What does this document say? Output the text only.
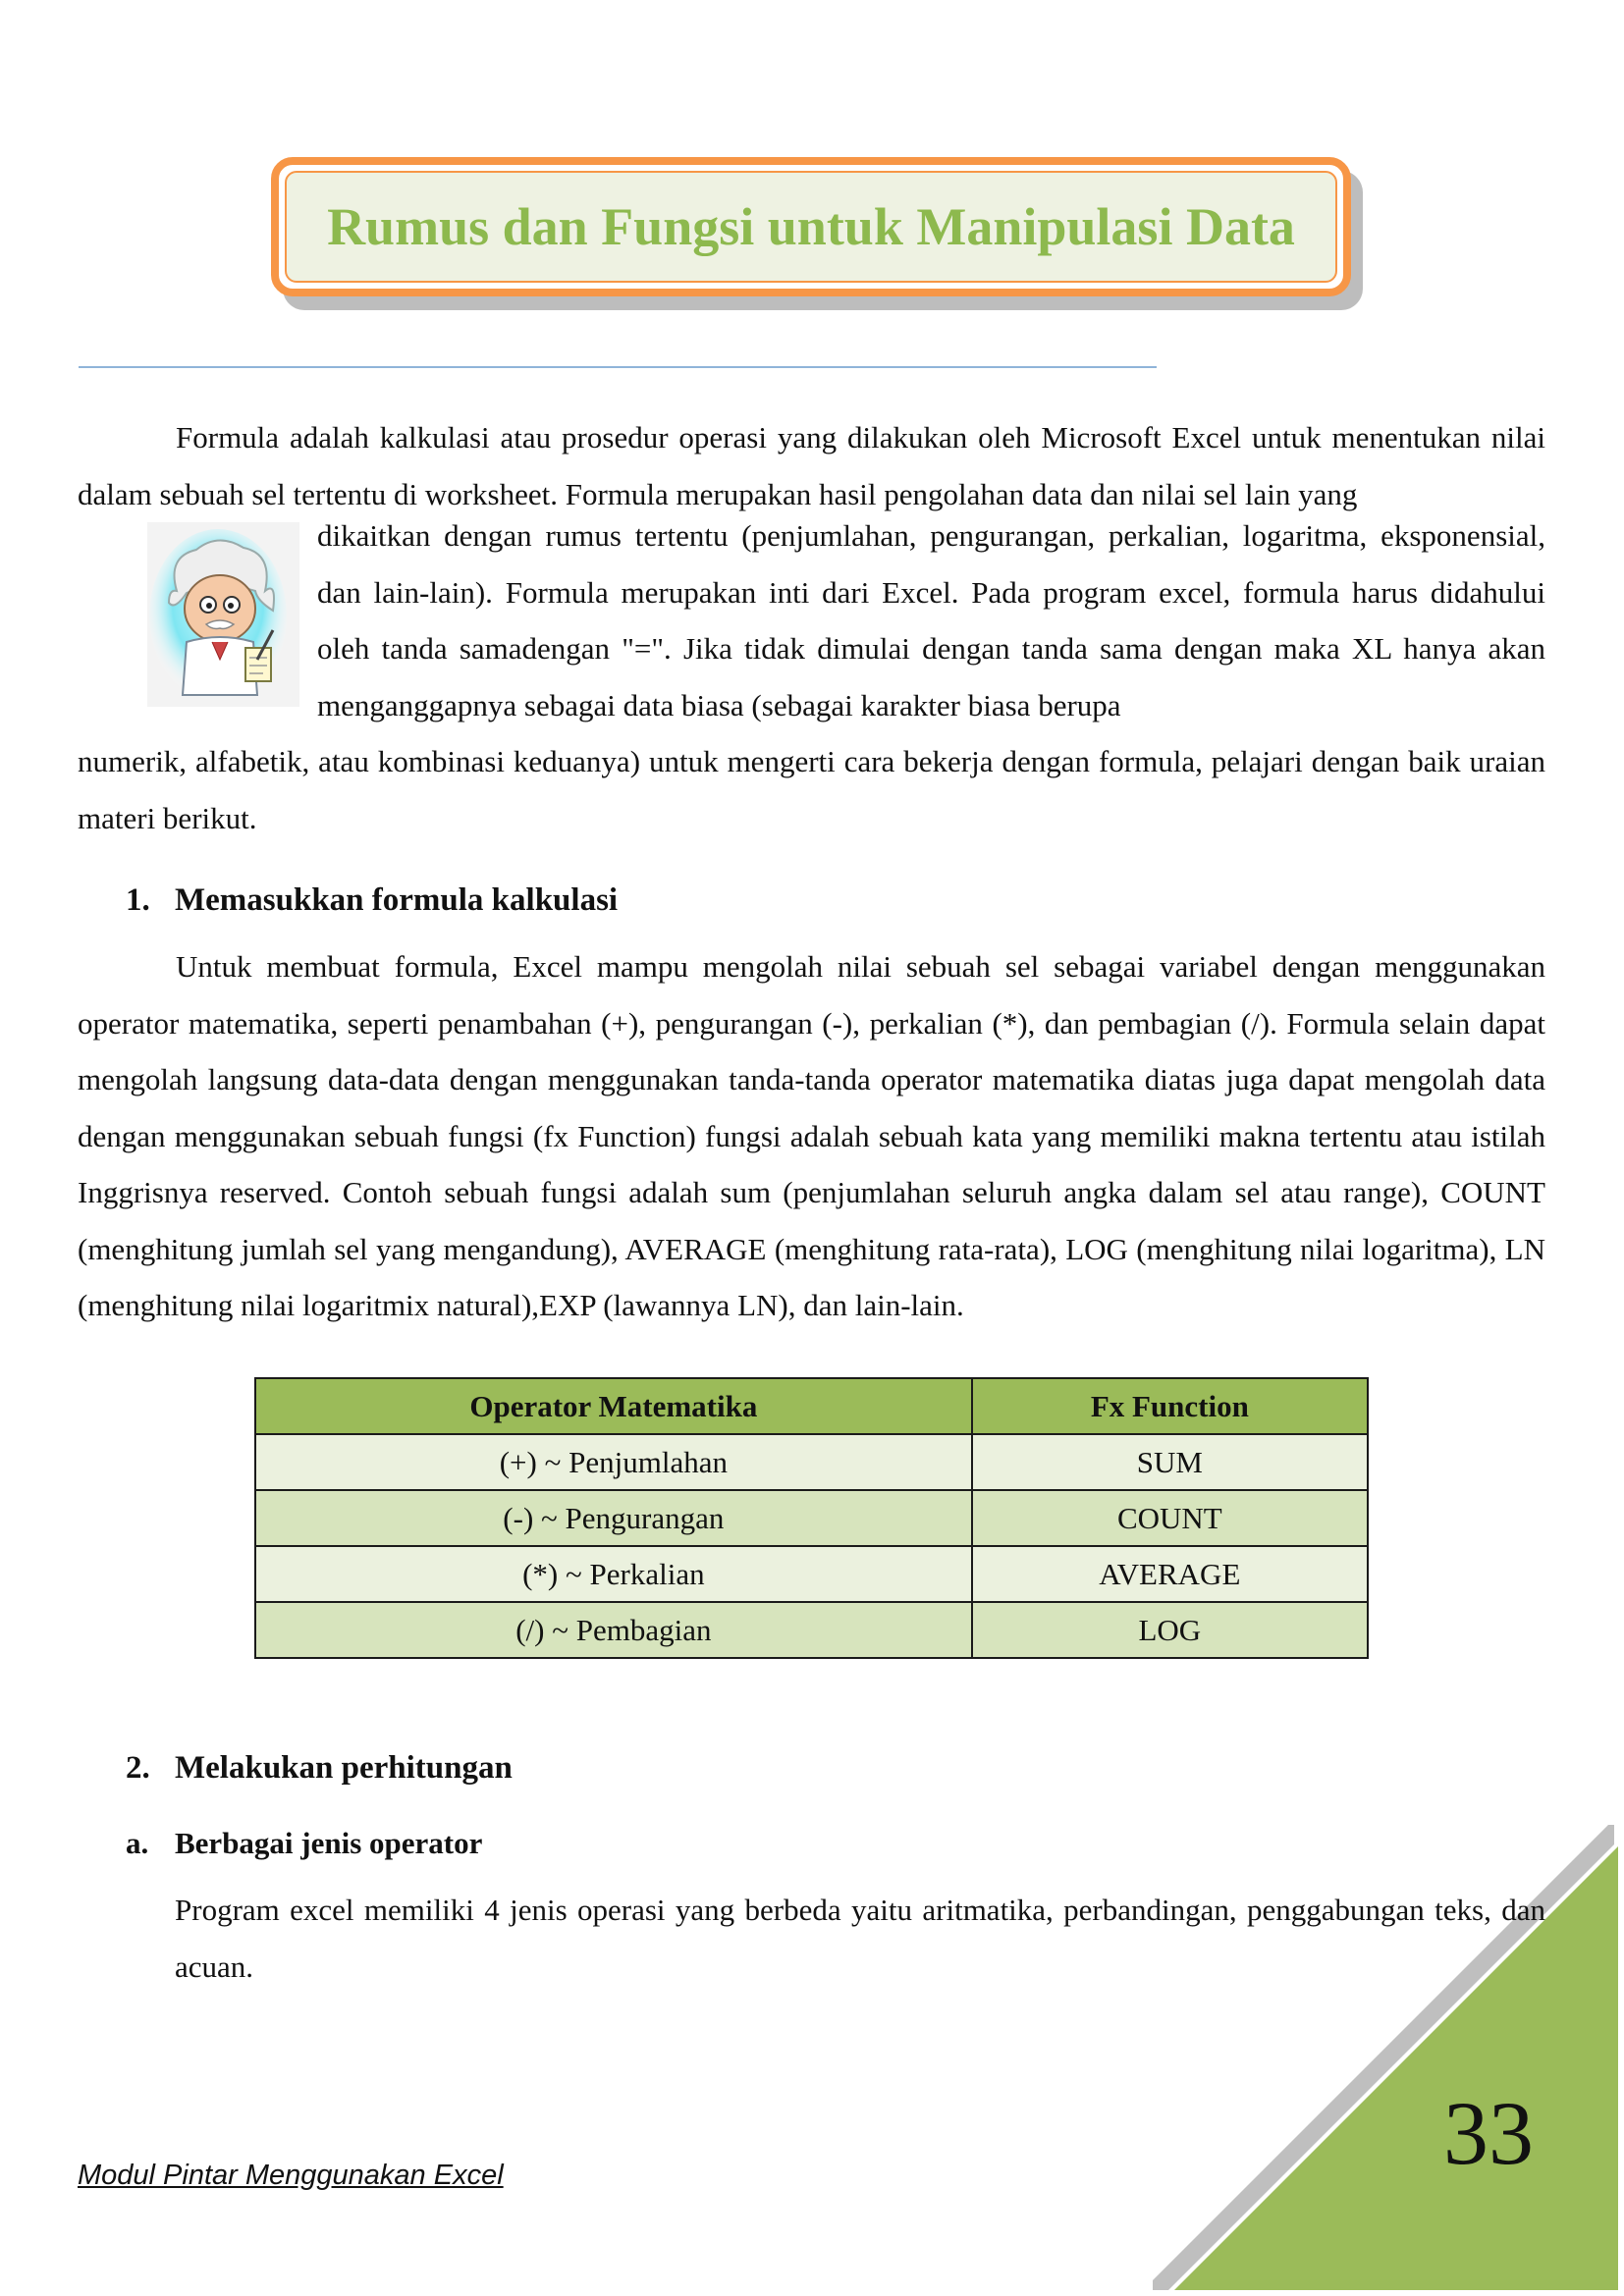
Rumus dan Fungsi untuk Manipulasi Data

Formula adalah kalkulasi atau prosedur operasi yang dilakukan oleh Microsoft Excel untuk menentukan nilai dalam sebuah sel tertentu di worksheet. Formula merupakan hasil pengolahan data dan nilai sel lain yang

dikaitkan dengan rumus tertentu (penjumlahan, pengurangan, perkalian, logaritma, eksponensial, dan lain-lain). Formula merupakan inti dari Excel. Pada program excel, formula harus didahului oleh tanda samadengan "=". Jika tidak dimulai dengan tanda sama dengan maka XL hanya akan menganggapnya sebagai data biasa (sebagai karakter biasa berupa

numerik, alfabetik, atau kombinasi keduanya) untuk mengerti cara bekerja dengan formula, pelajari dengan baik uraian materi berikut.

1. Memasukkan formula kalkulasi

Untuk membuat formula, Excel mampu mengolah nilai sebuah sel sebagai variabel dengan menggunakan operator matematika, seperti penambahan (+), pengurangan (-), perkalian (*), dan pembagian (/). Formula selain dapat mengolah langsung data-data dengan menggunakan tanda-tanda operator matematika diatas juga dapat mengolah data dengan menggunakan sebuah fungsi (fx Function) fungsi adalah sebuah kata yang memiliki makna tertentu atau istilah Inggrisnya reserved. Contoh sebuah fungsi adalah sum (penjumlahan seluruh angka dalam sel atau range), COUNT (menghitung jumlah sel yang mengandung), AVERAGE (menghitung rata-rata), LOG (menghitung nilai logaritma), LN (menghitung nilai logaritmix natural),EXP (lawannya LN), dan lain-lain.

Operator Matematika	Fx Function
(+) ~ Penjumlahan	SUM
(-) ~ Pengurangan	COUNT
(*) ~ Perkalian	AVERAGE
(/) ~ Pembagian	LOG
2. Melakukan perhitungan
a. Berbagai jenis operator

Program excel memiliki 4 jenis operasi yang berbeda yaitu aritmatika, perbandingan, penggabungan teks, dan acuan.

33
Modul Pintar Menggunakan Excel
